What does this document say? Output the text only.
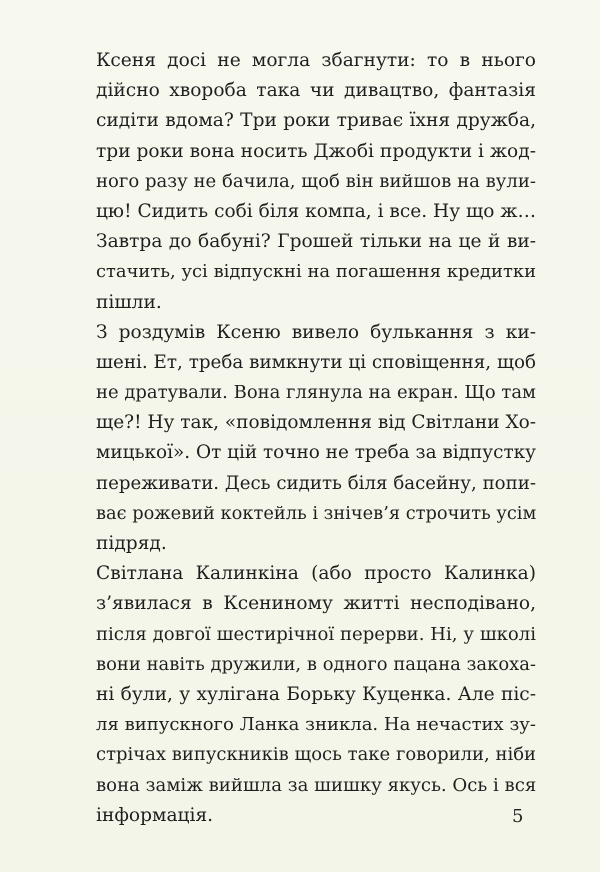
Ксеня досі не могла збагнути: то в нього
дійсно хвороба така чи дивацтво, фантазія
сидіти вдома? Три роки триває їхня дружба,
три роки вона носить Джобі продукти і жод-
ного разу не бачила, щоб він вийшов на вули-
цю! Сидить собі біля компа, і все. Ну що ж…
Завтра до бабуні? Грошей тільки на це й ви-
стачить, усі відпускні на погашення кредитки
пішли.
З роздумів Ксеню вивело булькання з ки-
шені. Ет, треба вимкнути ці сповіщення, щоб
не дратували. Вона глянула на екран. Що там
ще?! Ну так, «повідомлення від Світлани Хо-
мицької». От цій точно не треба за відпустку
переживати. Десь сидить біля басейну, попи-
ває рожевий коктейль і знічев’я строчить усім
підряд.
Світлана Калинкіна (або просто Калинка)
з’явилася в Ксениному житті несподівано,
після довгої шестирічної перерви. Ні, у школі
вони навіть дружили, в одного пацана закоха-
ні були, у хулігана Борьку Куценка. Але піс-
ля випускного Ланка зникла. На нечастих зу-
стрічах випускників щось таке говорили, ніби
вона заміж вийшла за шишку якусь. Ось і вся
інформація.	5
